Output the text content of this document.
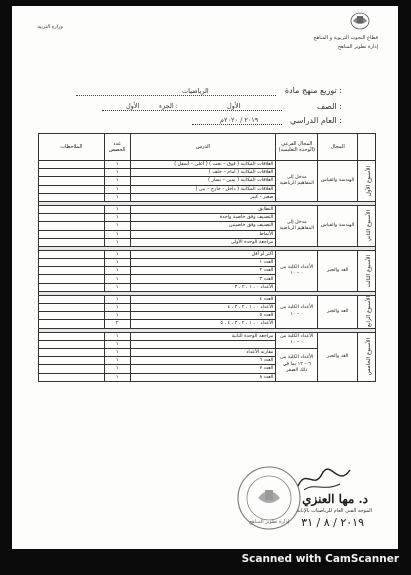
قطاع البحوث التربوية و المناهج
إدارة تطوير المناهج
وزارة التربية
توزيع منهج مادة :
الرياضيات
الصف :
الأول
الجزء :
الأول
العام الدراسي :
٢٠١٩ / ٢٠٢٠م
	المجال	المجال الفرعي (الوحدة التعليمية)	الدرس	عدد الحصص	الملاحظات

الأسبوع الأول	الهندسة والقياس	مدخل إلى المفاهيم الرياضية	العلاقات المكانية ( فوق – تحت ) ( أعلى – أسفل )	١	
			العلاقات المكانية ( أمام – خلف )	١	
			العلاقات المكانية ( يمين – يسار )	١	
			العلاقات المكانية ( داخل - خارج – بين )	١	
			صغير - كبير	١	

الأسبوع الثاني	الهندسة والقياس	مدخل إلى المفاهيم الرياضية	التطابق	١	
			التصنيف وفق خاصية واحدة	١	
			التصنيف وفق خاصيتين	١	
			الأنماط	١	
			مراجعة الوحدة الأولى	١	

الأسبوع الثالث	العد والجبر	الأعداد الكلية من ٠ – ١٠	أكثر أو أقل	١	
			العدد ١	١	
			العدد ٢	١	
			العدد ٣	١	
			الأعداد ٠ ، ١ ، ٢ ، ٣	١	

الأسبوع الرابع	العد والجبر	الأعداد الكلية من ٠ – ١٠	العدد ٤	١	
			الأعداد ٠ ، ١ ، ٢ ، ٣ ، ٤	١	
			العدد ٥	١	
			الأعداد ٠ ، ١ ، ٢ ، ٣ ، ٤ ، ٥	٢	

الأسبوع الخامس	العد والجبر	الأعداد الكلية من ٠ – ١٠	مراجعة الوحدة الثانية	١	
				١	
		الأعداد الكلية من ٦ – ١٢ بما في ذلك الصفر	مقارنة الأعداد	١	
			العدد ٦	١	
			العدد ٧	١	
			العدد ٨	١	
إدارة تطوير المناهج
د. مها العنزي
الموجه الفني العام للرياضيات بالإنابة
٢٠١٩ / ٨ / ٣١
Scanned with CamScanner
